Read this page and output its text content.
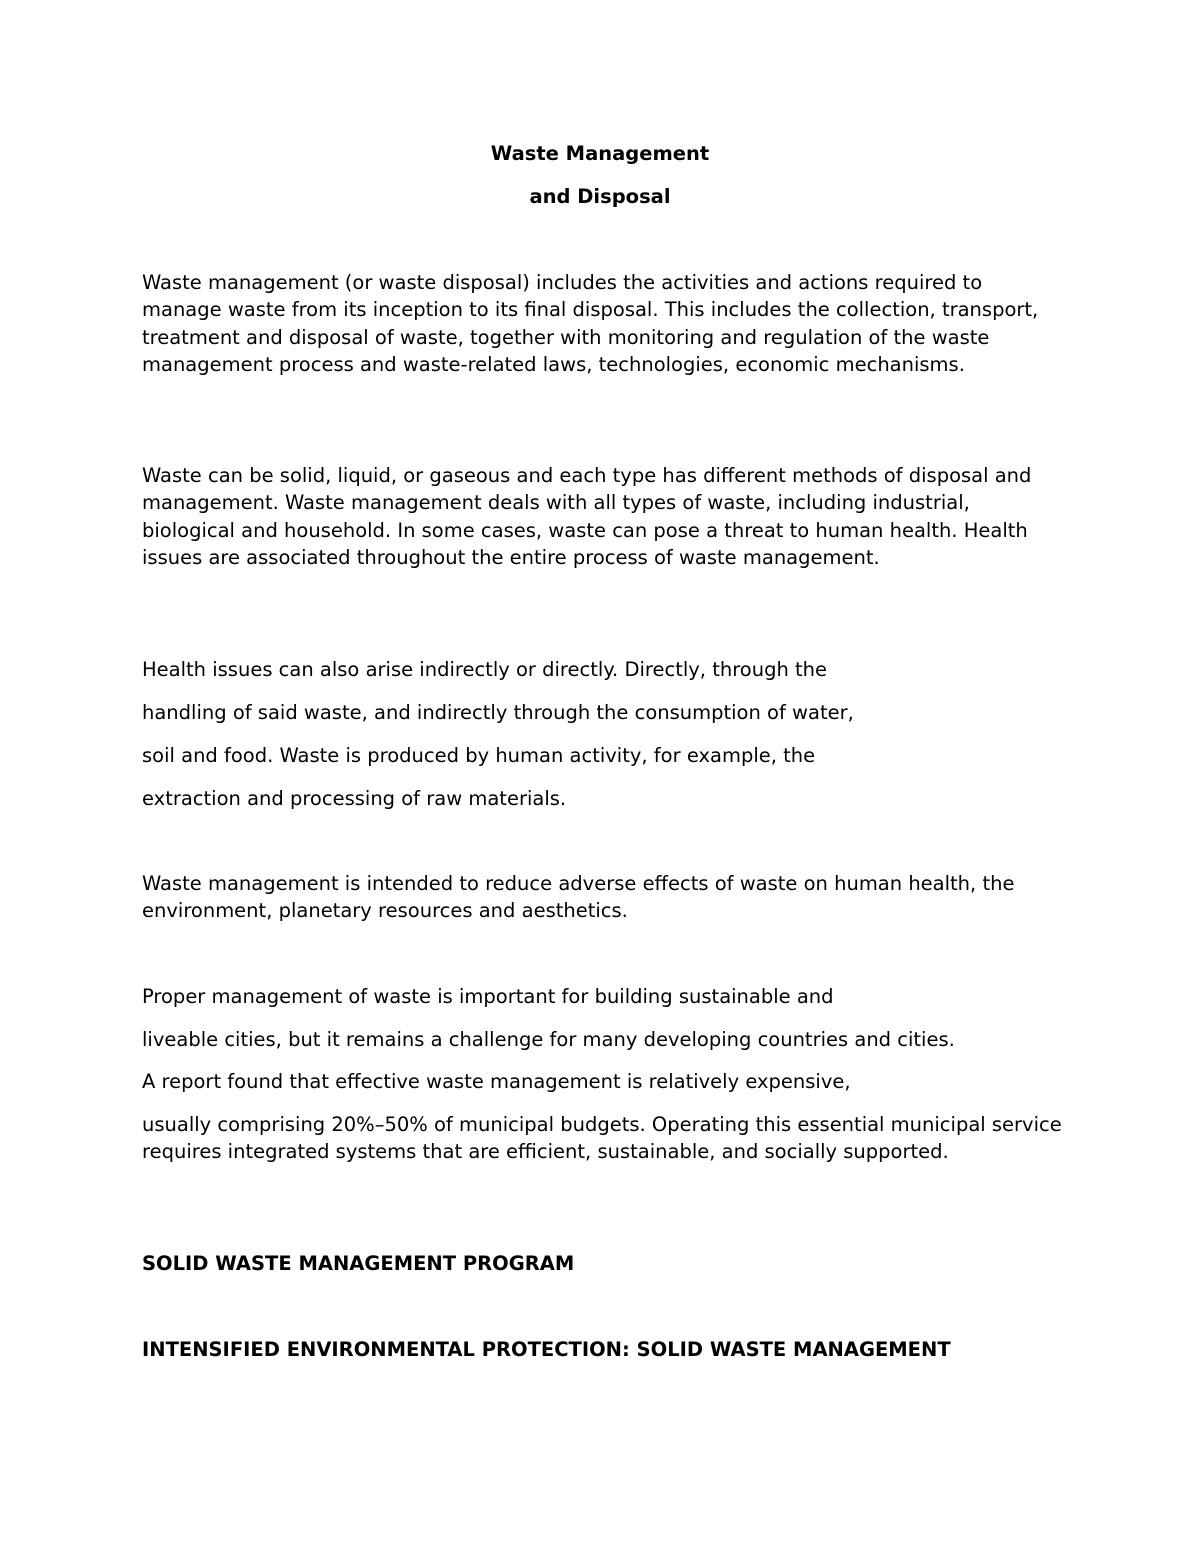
Waste Management
and Disposal

Waste management (or waste disposal) includes the activities and actions required to manage waste from its inception to its final disposal. This includes the collection, transport, treatment and disposal of waste, together with monitoring and regulation of the waste management process and waste-related laws, technologies, economic mechanisms.

Waste can be solid, liquid, or gaseous and each type has different methods of disposal and management. Waste management deals with all types of waste, including industrial, biological and household. In some cases, waste can pose a threat to human health. Health issues are associated throughout the entire process of waste management.

Health issues can also arise indirectly or directly. Directly, through the
handling of said waste, and indirectly through the consumption of water,
soil and food. Waste is produced by human activity, for example, the
extraction and processing of raw materials.

Waste management is intended to reduce adverse effects of waste on human health, the environment, planetary resources and aesthetics.

Proper management of waste is important for building sustainable and
liveable cities, but it remains a challenge for many developing countries and cities.
A report found that effective waste management is relatively expensive,

usually comprising 20%–50% of municipal budgets. Operating this essential municipal service requires integrated systems that are efficient, sustainable, and socially supported.

SOLID WASTE MANAGEMENT PROGRAM
INTENSIFIED ENVIRONMENTAL PROTECTION: SOLID WASTE MANAGEMENT
